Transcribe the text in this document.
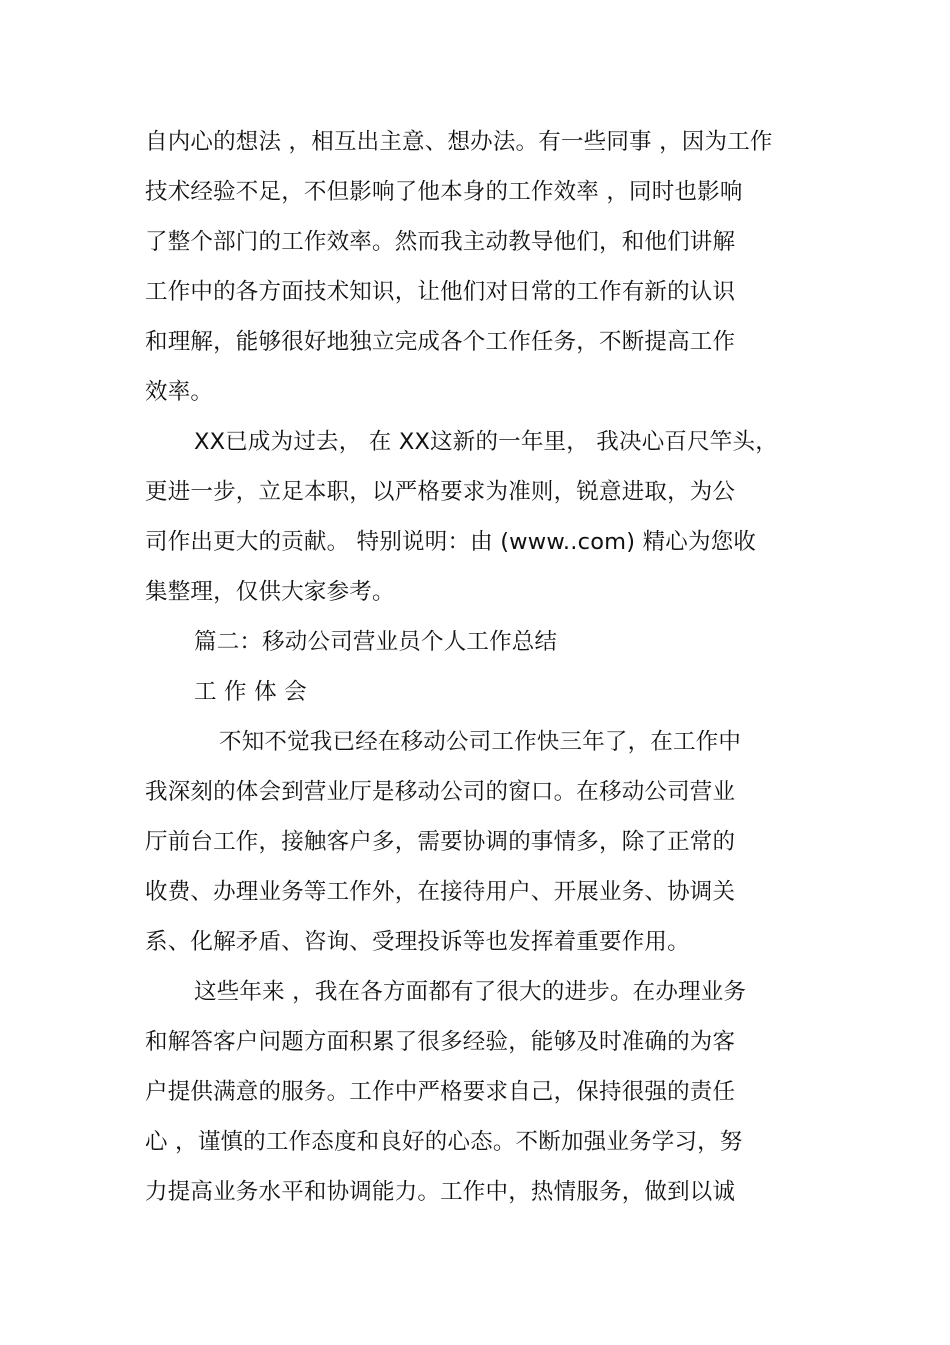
自内心的想法 ，相互出主意、想办法。有一些同事 ，因为工作
技术经验不足，不但影响了他本身的工作效率 ，同时也影响
了整个部门的工作效率。然而我主动教导他们，和他们讲解
工作中的各方面技术知识，让他们对日常的工作有新的认识
和理解，能够很好地独立完成各个工作任务，不断提高工作
效率。
XX已成为过去， 在 XX这新的一年里， 我决心百尺竿头，
更进一步，立足本职，以严格要求为准则，锐意进取，为公
司作出更大的贡献。 特别说明：由 (www..com) 精心为您收
集整理，仅供大家参考。
篇二：移动公司营业员个人工作总结
工 作 体 会
不知不觉我已经在移动公司工作快三年了，在工作中
我深刻的体会到营业厅是移动公司的窗口。在移动公司营业
厅前台工作，接触客户多，需要协调的事情多，除了正常的
收费、办理业务等工作外，在接待用户、开展业务、协调关
系、化解矛盾、咨询、受理投诉等也发挥着重要作用。
这些年来 ，我在各方面都有了很大的进步。在办理业务
和解答客户问题方面积累了很多经验，能够及时准确的为客
户提供满意的服务。工作中严格要求自己，保持很强的责任
心 ，谨慎的工作态度和良好的心态。不断加强业务学习，努
力提高业务水平和协调能力。工作中，热情服务，做到以诚
